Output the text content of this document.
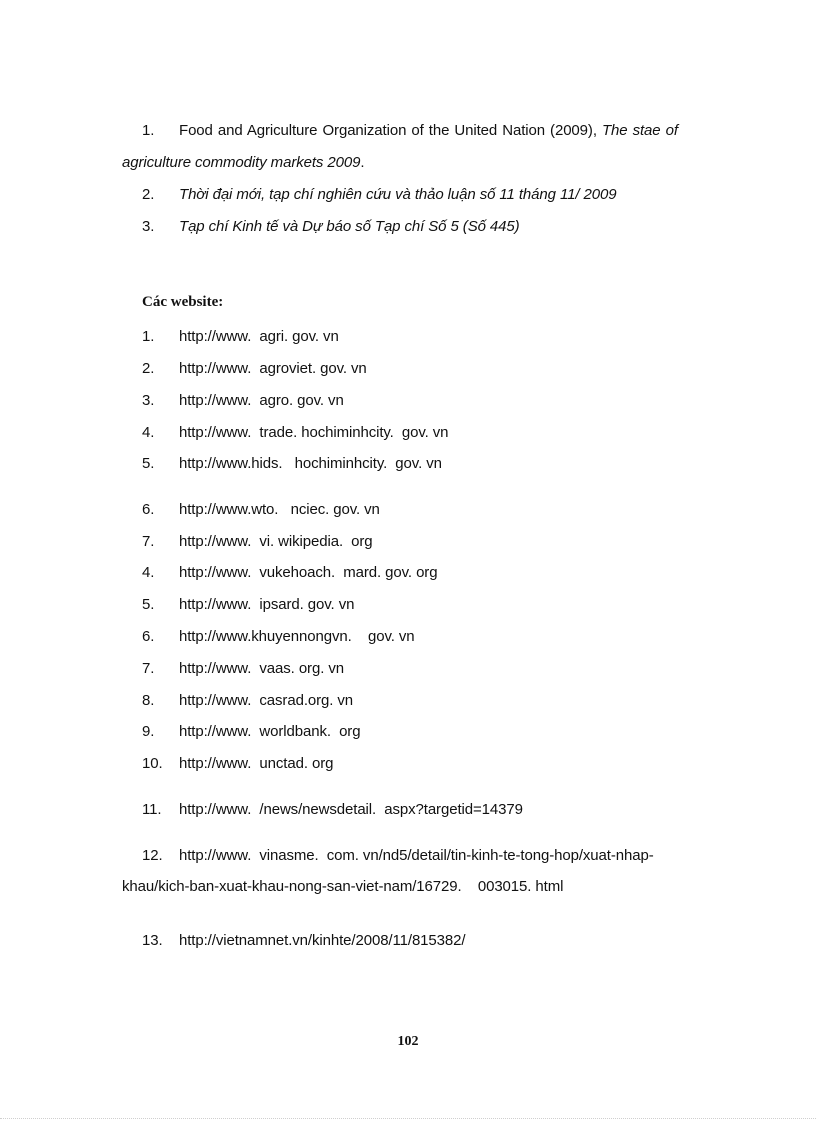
1. Food and Agriculture Organization of the United Nation (2009), The stae of
agriculture commodity markets 2009.
2. Thời đại mới, tạp chí nghiên cứu và thảo luận số 11 tháng 11/ 2009
3. Tạp chí Kinh tế và Dự báo số Tạp chí Số 5 (Số 445)
Các website:
1. http://www.  agri. gov. vn
2. http://www.  agroviet. gov. vn
3. http://www.  agro. gov. vn
4. http://www.  trade. hochiminhcity.  gov. vn
5. http://www.hids.   hochiminhcity.  gov. vn
6. http://www.wto.   nciec. gov. vn
7. http://www.  vi. wikipedia.  org
4. http://www.  vukehoach.  mard. gov. org
5. http://www.  ipsard. gov. vn
6. http://www.khuyennongvn.    gov. vn
7. http://www.  vaas. org. vn
8. http://www.  casrad.org. vn
9. http://www.  worldbank.  org
10. http://www.  unctad. org
11. http://www.  /news/newsdetail.  aspx?targetid=14379
12. http://www.  vinasme.  com. vn/nd5/detail/tin-kinh-te-tong-hop/xuat-nhap-
khau/kich-ban-xuat-khau-nong-san-viet-nam/16729.    003015. html
13. http://vietnamnet.vn/kinhte/2008/11/815382/
102
